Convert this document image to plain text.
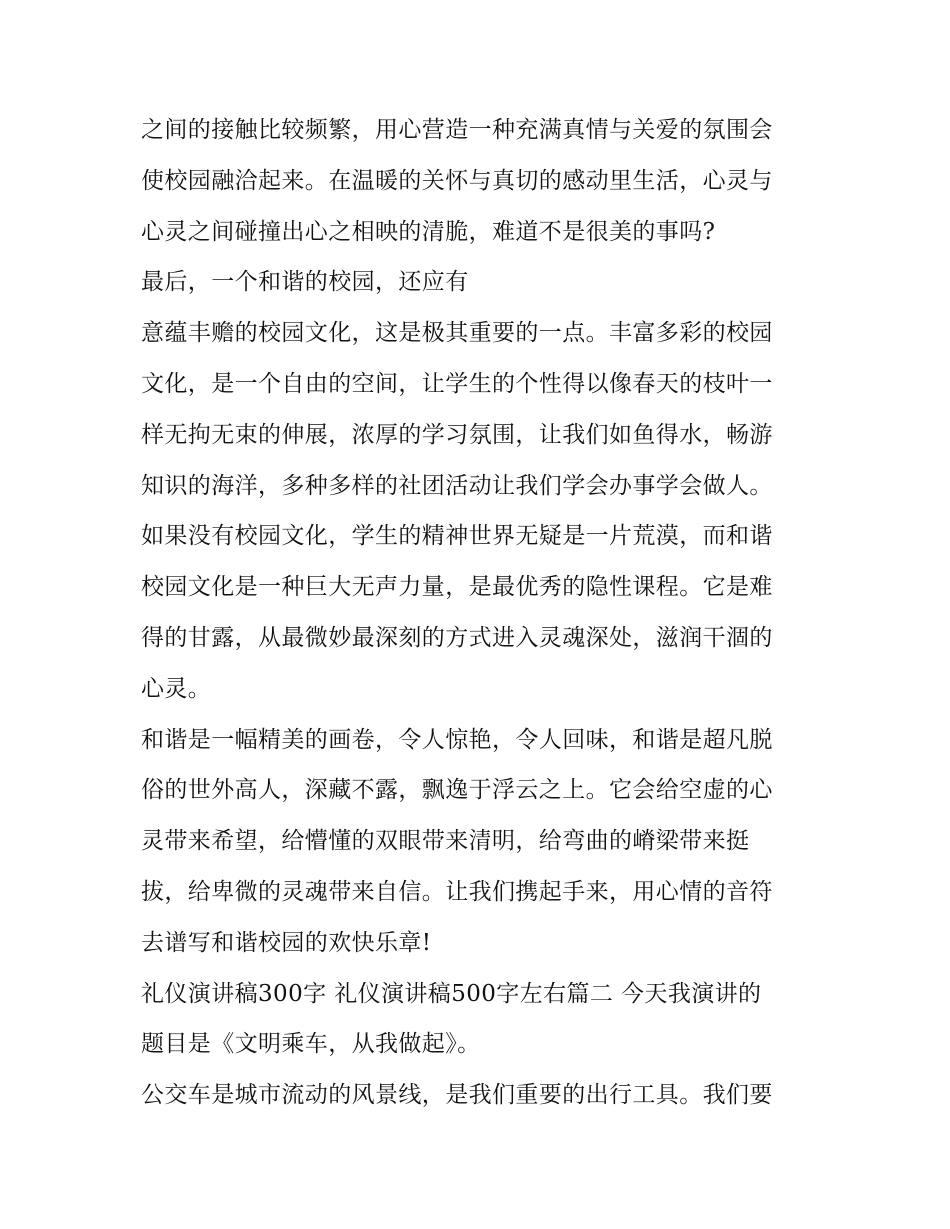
之间的接触比较频繁，用心营造一种充满真情与关爱的氛围会
使校园融洽起来。在温暖的关怀与真切的感动里生活，心灵与
心灵之间碰撞出心之相映的清脆，难道不是很美的事吗?
最后，一个和谐的校园，还应有
意蕴丰赡的校园文化，这是极其重要的一点。丰富多彩的校园
文化，是一个自由的空间，让学生的个性得以像春天的枝叶一
样无拘无束的伸展，浓厚的学习氛围，让我们如鱼得水，畅游
知识的海洋，多种多样的社团活动让我们学会办事学会做人。
如果没有校园文化，学生的精神世界无疑是一片荒漠，而和谐
校园文化是一种巨大无声力量，是最优秀的隐性课程。它是难
得的甘露，从最微妙最深刻的方式进入灵魂深处，滋润干涸的
心灵。
和谐是一幅精美的画卷，令人惊艳，令人回味，和谐是超凡脱
俗的世外高人，深藏不露，飘逸于浮云之上。它会给空虚的心
灵带来希望，给懵懂的双眼带来清明，给弯曲的嵴梁带来挺
拔，给卑微的灵魂带来自信。让我们携起手来，用心情的音符
去谱写和谐校园的欢快乐章!
礼仪演讲稿300字 礼仪演讲稿500字左右篇二 今天我演讲的
题目是《文明乘车，从我做起》。
公交车是城市流动的风景线，是我们重要的出行工具。我们要
